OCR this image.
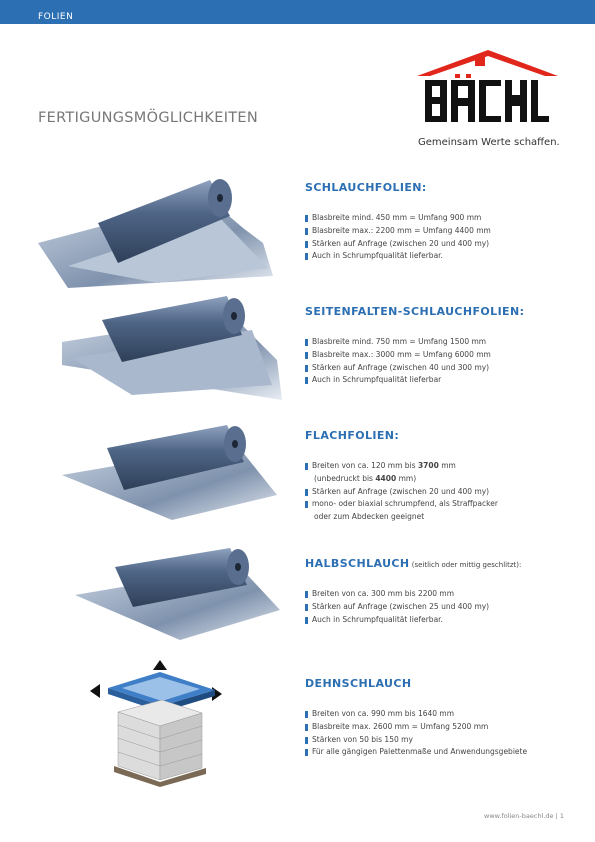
FOLIEN
Gemeinsam Werte schaffen.
FERTIGUNGSMÖGLICHKEITEN
SCHLAUCHFOLIEN:
Blasbreite mind. 450 mm = Umfang 900 mm
Blasbreite max.: 2200 mm = Umfang 4400 mm
Stärken auf Anfrage (zwischen 20 und 400 my)
Auch in Schrumpfqualität lieferbar.
SEITENFALTEN-SCHLAUCHFOLIEN:
Blasbreite mind. 750 mm = Umfang 1500 mm
Blasbreite max.: 3000 mm = Umfang 6000 mm
Stärken auf Anfrage (zwischen 40 und 300 my)
Auch in Schrumpfqualität lieferbar
FLACHFOLIEN:
Breiten von ca. 120 mm bis 3700 mm
(unbedruckt bis 4400 mm)
Stärken auf Anfrage (zwischen 20 und 400 my)
mono- oder biaxial schrumpfend, als Straffpacker
oder zum Abdecken geeignet
HALBSCHLAUCH (seitlich oder mittig geschlitzt):
Breiten von ca. 300 mm bis 2200 mm
Stärken auf Anfrage (zwischen 25 und 400 my)
Auch in Schrumpfqualität lieferbar.
DEHNSCHLAUCH
Breiten von ca. 990 mm bis 1640 mm
Blasbreite max. 2600 mm = Umfang 5200 mm
Stärken von 50 bis 150 my
Für alle gängigen Palettenmaße und Anwendungsgebiete
www.folien-baechl.de | 1
